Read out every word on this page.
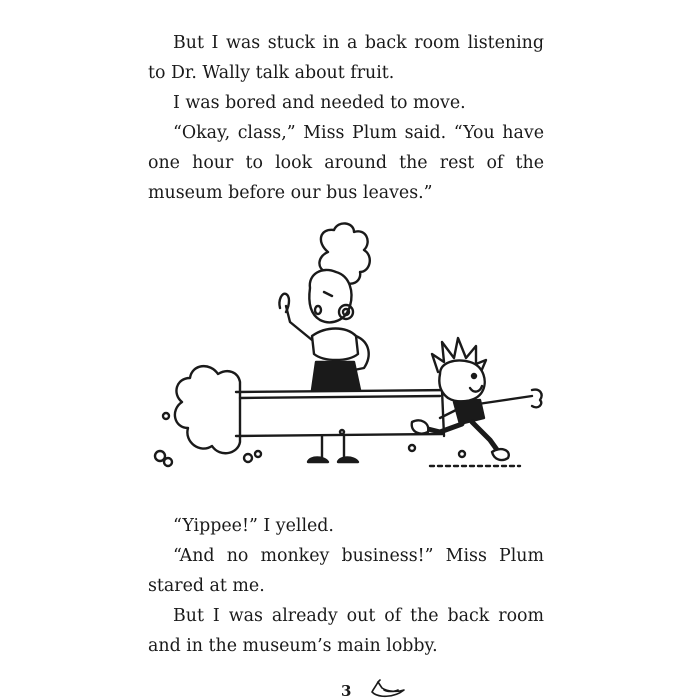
But I was stuck in a back room listening to Dr. Wally talk about fruit.

I was bored and needed to move.

“Okay, class,” Miss Plum said. “You have one hour to look around the rest of the museum before our bus leaves.”

“Yippee!” I yelled.

“And no monkey business!” Miss Plum stared at me.

But I was already out of the back room and in the museum’s main lobby.

3
